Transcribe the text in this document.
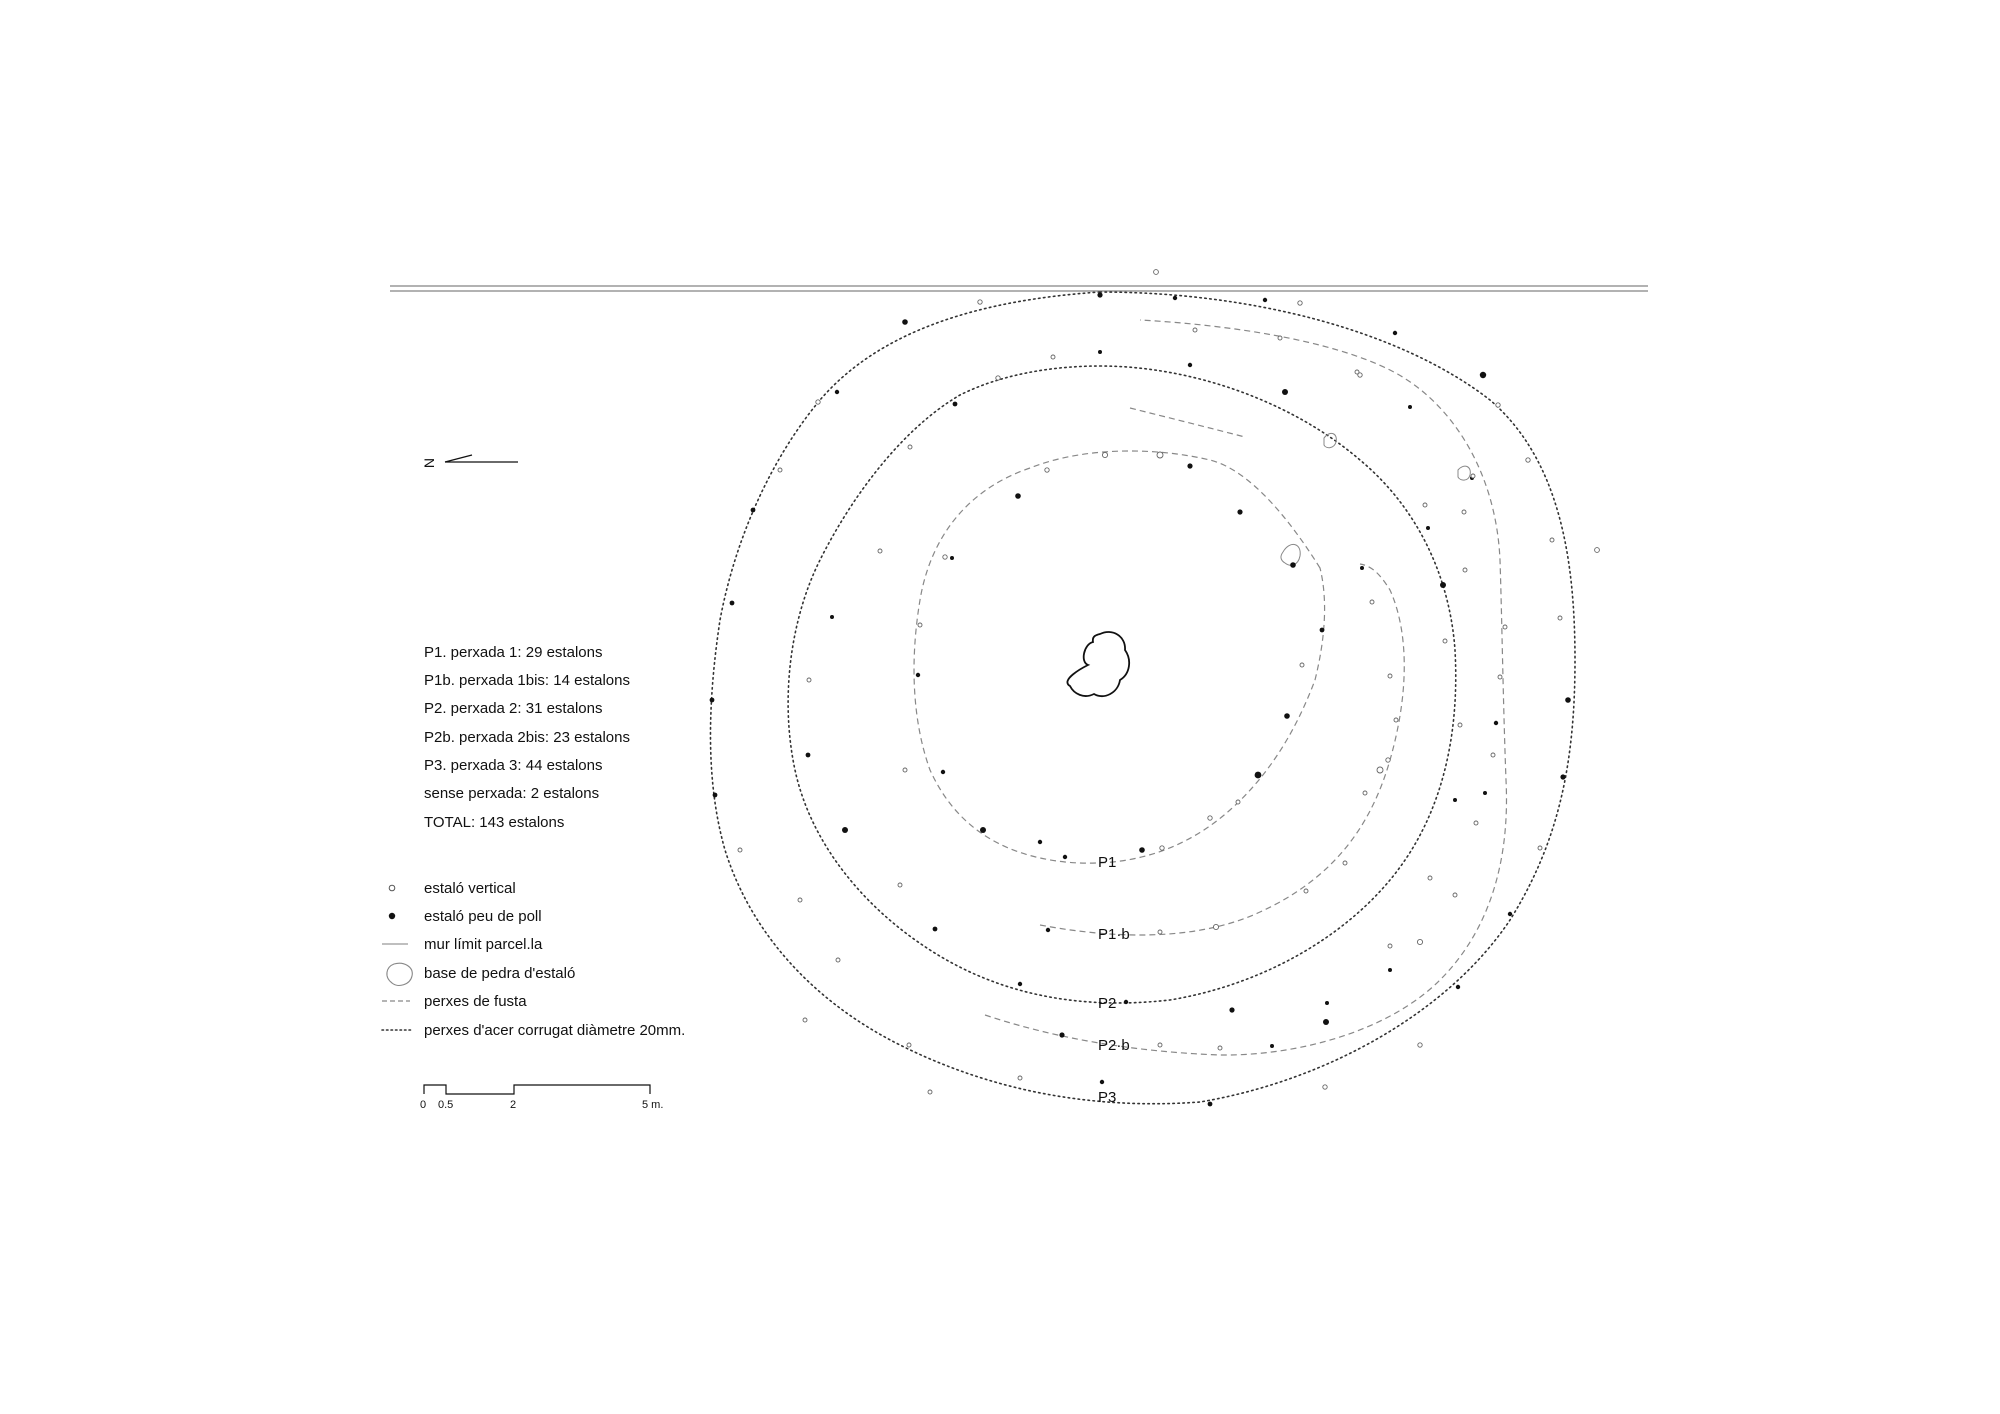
N
P1
P1·b
P2
P2·b
P3
P1. perxada 1: 29 estalons
P1b. perxada 1bis: 14 estalons
P2. perxada 2: 31 estalons
P2b. perxada 2bis: 23 estalons
P3. perxada 3: 44 estalons
sense perxada: 2 estalons
TOTAL: 143 estalons
estaló vertical
estaló peu de poll
mur límit parcel.la
base de pedra d'estaló
perxes de fusta
perxes d'acer corrugat diàmetre 20mm.
0 0.5	2	5 m.
